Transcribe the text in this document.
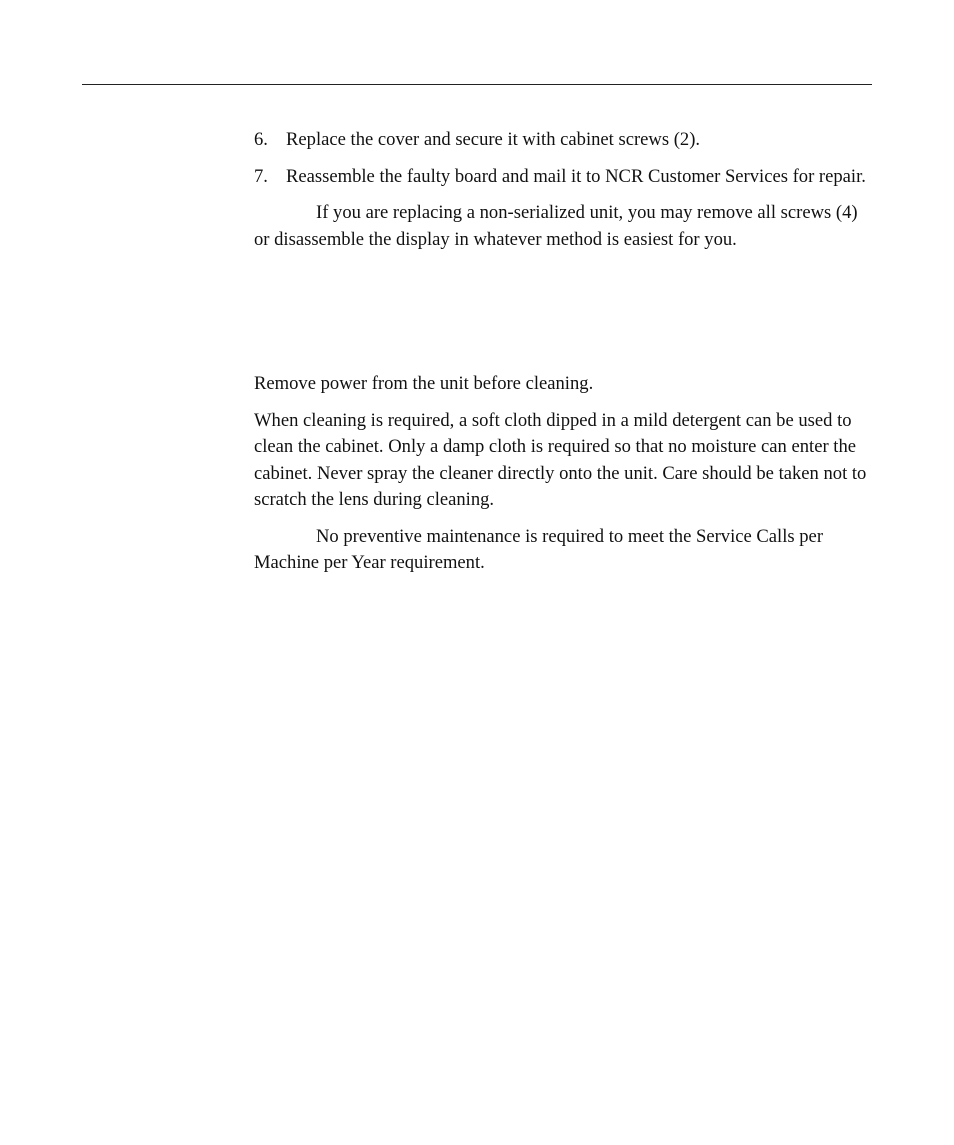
6. Replace the cover and secure it with cabinet screws (2).
7. Reassemble the faulty board and mail it to NCR Customer Services for repair.

If you are replacing a non-serialized unit, you may remove all screws (4) or disassemble the display in whatever method is easiest for you.

Remove power from the unit before cleaning.

When cleaning is required, a soft cloth dipped in a mild detergent can be used to clean the cabinet. Only a damp cloth is required so that no moisture can enter the cabinet. Never spray the cleaner directly onto the unit. Care should be taken not to scratch the lens during cleaning.

No preventive maintenance is required to meet the Service Calls per Machine per Year requirement.
